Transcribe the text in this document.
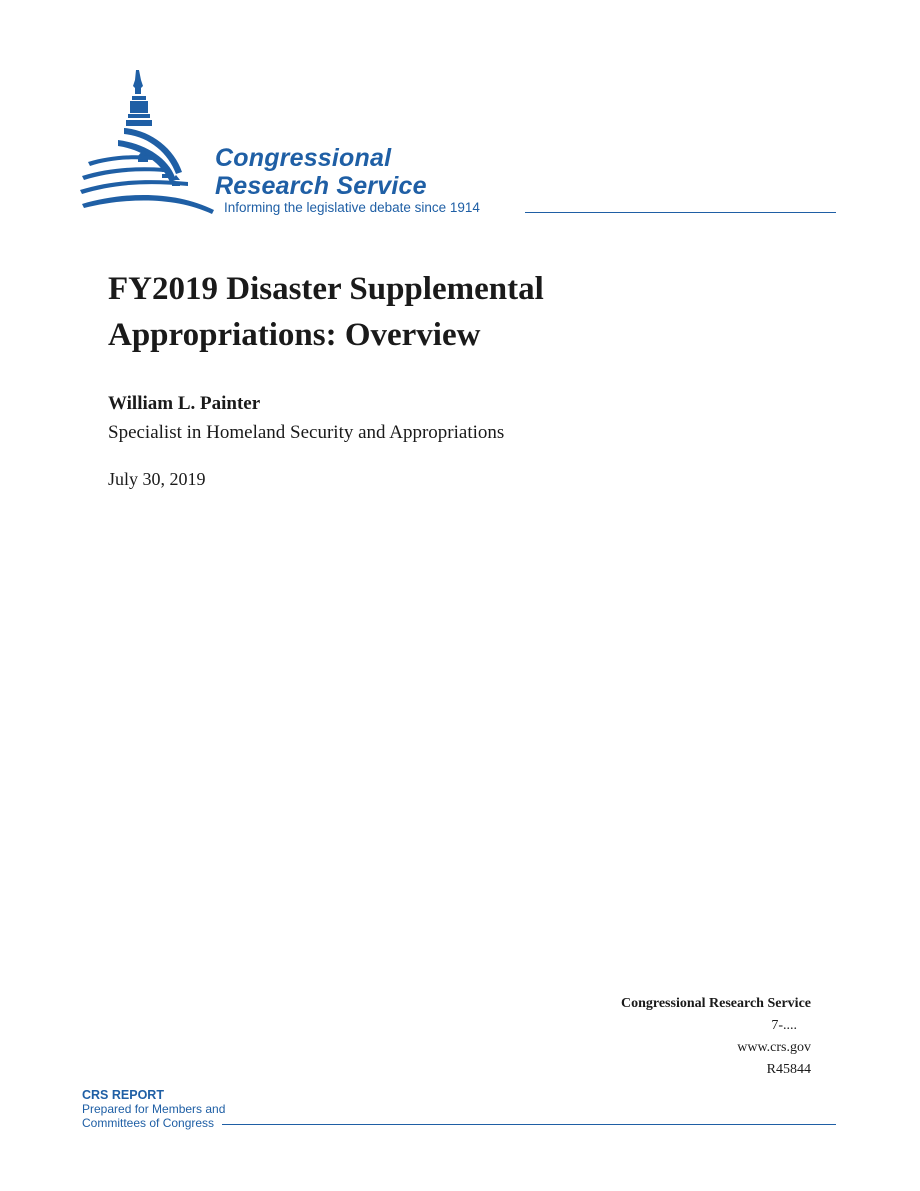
Congressional
Research Service
Informing the legislative debate since 1914
FY2019 Disaster Supplemental
Appropriations: Overview
William L. Painter
Specialist in Homeland Security and Appropriations
July 30, 2019
Congressional Research Service
7-....
www.crs.gov
R45844
CRS REPORT
Prepared for Members and
Committees of Congress
